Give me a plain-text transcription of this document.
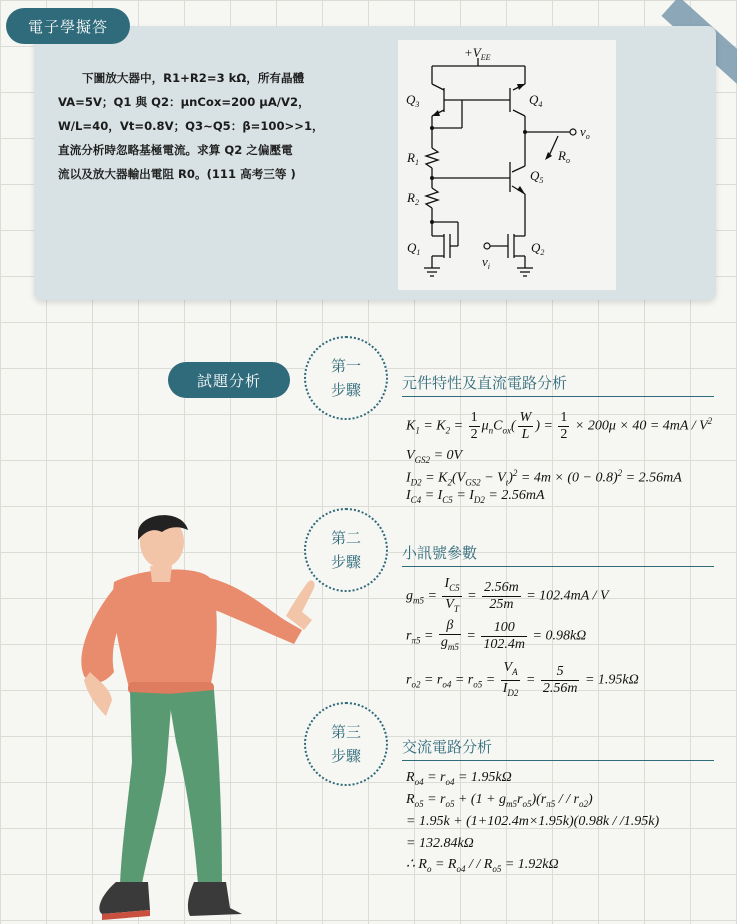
電子學擬答
下圖放大器中，R1+R2=3 kΩ，所有晶體
VA=5V；Q1 與 Q2：μnCox=200 μA/V2，
W/L=40，Vt=0.8V；Q3~Q5：β=100>>1，
直流分析時忽略基極電流。求算 Q2 之偏壓電
流以及放大器輸出電阻 R0。(111 高考三等 )
$+V_{EE}$
$Q_3$	$Q_4$
$Q_5$
$R_1$
$R_2$
$Q_1$	$Q_2$
$v_o$
$R_o$
$v_i$
試題分析
第一
步驟	元件特性及直流電路分析
$K_1 = K_2 = \frac{1}{2} \mu_nC_{ox}( \frac{W}{L}$ ) = $\frac{1}{2} \times 200\mu \times 40 = 4mA / V^2$
$V_{GS2} = 0V$
$I_{D2} = K_2(V_{GS2} - V_t)^2 = 4m \times (0 - 0.8)^2 = 2.56mA$
$I_{C4} = I_{C5} = I_{D2} = 2.56mA$
第二
步驟	小訊號參數
$g_{m5} = \frac{I_{C5}}{V_T} = \frac{2.56m}{25m} = 102.4mA / V$
$r_{\pi 5} = \frac{\beta}{g_{m5}} = \frac{100}{102.4m} = 0.98k\Omega$
$r_{o2} = r_{o4} = r_{o5} = \frac{V_A}{I_{D2}} = \frac{5}{2.56m} = 1.95k\Omega$
第三
步驟	交流電路分析
$R_{o4} = r_{o4} = 1.95k\Omega$
$R_{o5} = r_{o5} + (1 + g_{m5}r_{o5})(r_{\pi 5}$ / / $r_{o2}$)
= 1.95k + (1+102.4m×1.95k)(0.98k / /1.95k)
= 132.84kΩ
∴ $R_o = R_{o4}$ / / $R_{o5} = 1.92k\Omega$
